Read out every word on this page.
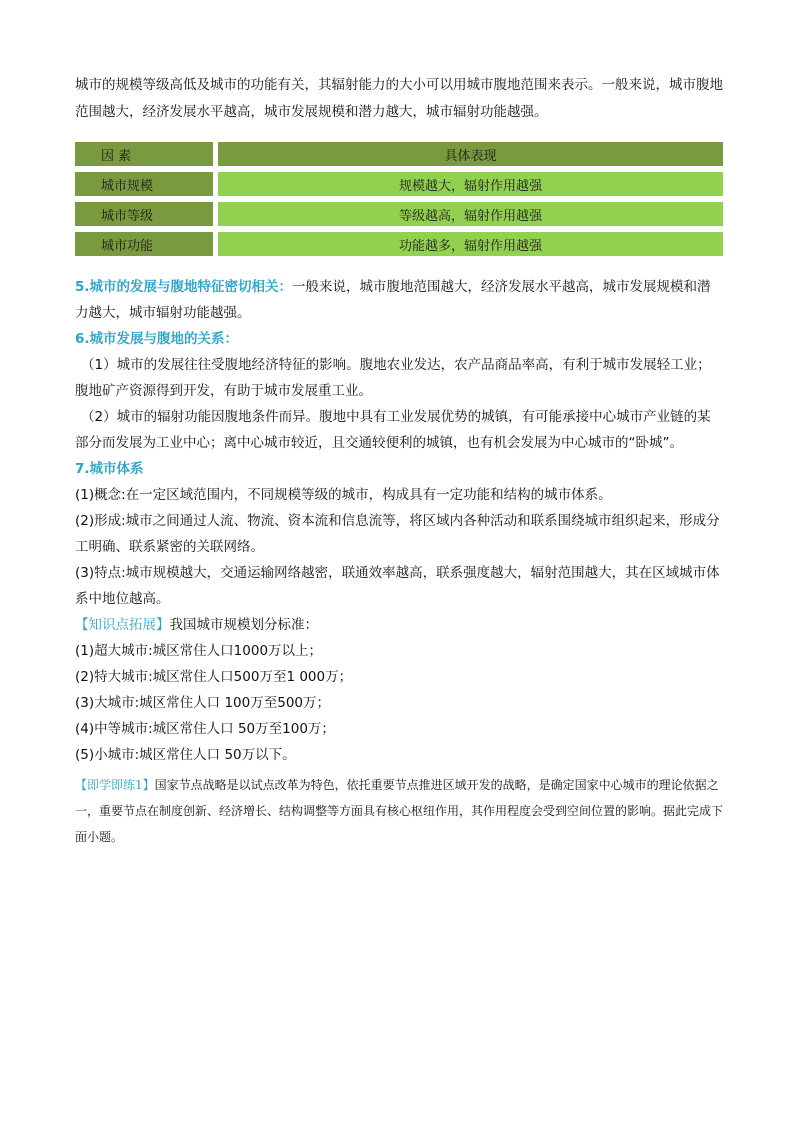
城市的规模等级高低及城市的功能有关，其辐射能力的大小可以用城市腹地范围来表示。一般来说，城市腹地范围越大，经济发展水平越高，城市发展规模和潜力越大，城市辐射功能越强。

因 素		具体表现
城市规模		规模越大，辐射作用越强
城市等级		等级越高，辐射作用越强
城市功能		功能越多，辐射作用越强

5.城市的发展与腹地特征密切相关：一般来说，城市腹地范围越大，经济发展水平越高，城市发展规模和潜力越大，城市辐射功能越强。

6.城市发展与腹地的关系：

（1）城市的发展往往受腹地经济特征的影响。腹地农业发达，农产品商品率高，有利于城市发展轻工业；腹地矿产资源得到开发，有助于城市发展重工业。

（2）城市的辐射功能因腹地条件而异。腹地中具有工业发展优势的城镇，有可能承接中心城市产业链的某部分而发展为工业中心；离中心城市较近，且交通较便利的城镇，也有机会发展为中心城市的“卧城”。

7.城市体系

(1)概念:在一定区域范围内，不同规模等级的城市，构成具有一定功能和结构的城市体系。

(2)形成:城市之间通过人流、物流、资本流和信息流等，将区域内各种活动和联系围绕城市组织起来，形成分工明确、联系紧密的关联网络。

(3)特点:城市规模越大，交通运输网络越密，联通效率越高，联系强度越大，辐射范围越大，其在区域城市体系中地位越高。

【知识点拓展】我国城市规模划分标准：

(1)超大城市:城区常住人口1000万以上；

(2)特大城市:城区常住人口500万至1 000万；

(3)大城市:城区常住人口 100万至500万；

(4)中等城市:城区常住人口 50万至100万；

(5)小城市:城区常住人口 50万以下。

【即学即练1】国家节点战略是以试点改革为特色，依托重要节点推进区域开发的战略，是确定国家中心城市的理论依据之一，重要节点在制度创新、经济增长、结构调整等方面具有核心枢纽作用，其作用程度会受到空间位置的影响。据此完成下面小题。
